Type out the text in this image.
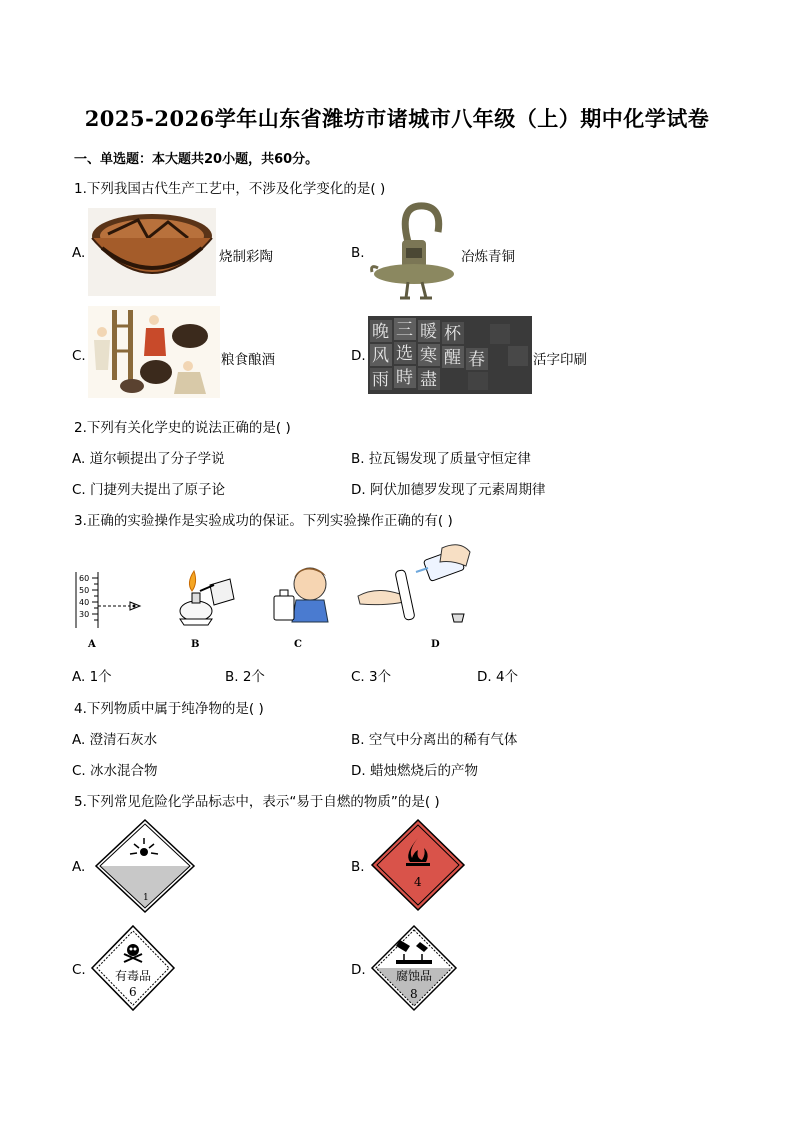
2025-2026学年山东省潍坊市诸城市八年级（上）期中化学试卷
一、单选题：本大题共20小题，共60分。
1.下列我国古代生产工艺中，不涉及化学变化的是( )
A.	烧制彩陶	B.	冶炼青铜
C.	粮食酿酒	D.
晚 三 暖 杯
风 选 寒
雨 時 盡
醒 春	活字印刷
2.下列有关化学史的说法正确的是( )
A. 道尔顿提出了分子学说	B. 拉瓦锡发现了质量守恒定律
C. 门捷列夫提出了原子论	D. 阿伏加德罗发现了元素周期律
3.正确的实验操作是实验成功的保证。下列实验操作正确的有( )
60
50
40
30
A	B	C	D
A. 1个	B. 2个	C. 3个	D. 4个
4.下列物质中属于纯净物的是( )
A. 澄清石灰水	B. 空气中分离出的稀有气体
C. 冰水混合物	D. 蜡烛燃烧后的产物
5.下列常见危险化学品标志中，表示“易于自燃的物质”的是( )
A.
1
B.
4
C. 有毒品
6
D.	腐蚀品
8
